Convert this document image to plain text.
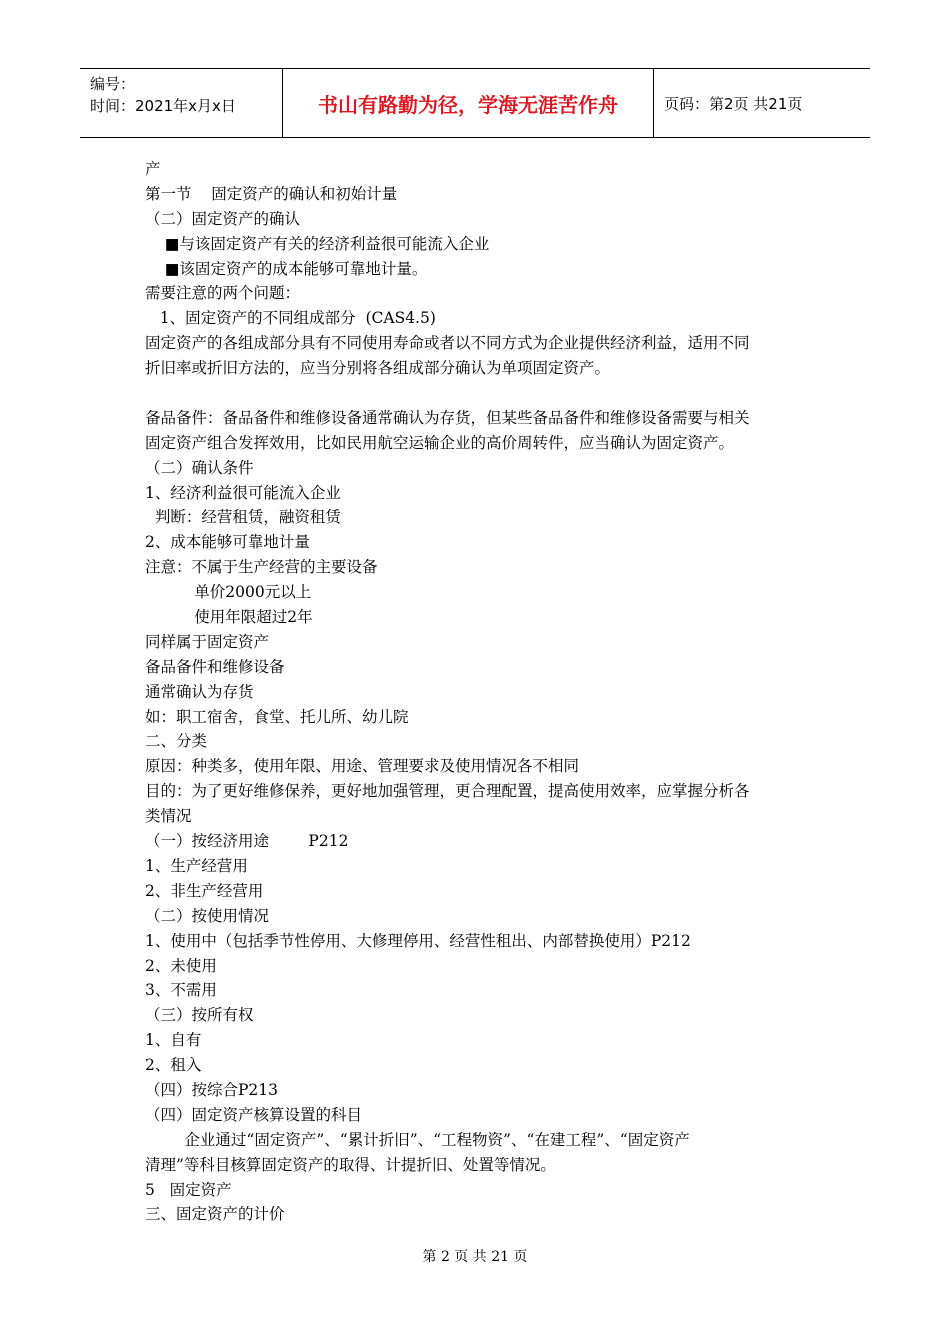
编号：
时间：2021年x月x日	书山有路勤为径，学海无涯苦作舟	页码：第2页 共21页
产
第一节    固定资产的确认和初始计量
（二）固定资产的确认
■与该固定资产有关的经济利益很可能流入企业
■该固定资产的成本能够可靠地计量。
需要注意的两个问题：
1、固定资产的不同组成部分  (CAS4.5)
固定资产的各组成部分具有不同使用寿命或者以不同方式为企业提供经济利益，适用不同
折旧率或折旧方法的，应当分别将各组成部分确认为单项固定资产。
备品备件：备品备件和维修设备通常确认为存货，但某些备品备件和维修设备需要与相关
固定资产组合发挥效用，比如民用航空运输企业的高价周转件，应当确认为固定资产。
（二）确认条件
1、经济利益很可能流入企业
判断：经营租赁，融资租赁
2、成本能够可靠地计量
注意：不属于生产经营的主要设备
单价2000元以上
使用年限超过2年
同样属于固定资产
备品备件和维修设备
通常确认为存货
如：职工宿舍，食堂、托儿所、幼儿院
二、分类
原因：种类多，使用年限、用途、管理要求及使用情况各不相同
目的：为了更好维修保养，更好地加强管理，更合理配置，提高使用效率，应掌握分析各
类情况
（一）按经济用途        P212
1、生产经营用
2、非生产经营用
（二）按使用情况
1、使用中（包括季节性停用、大修理停用、经营性租出、内部替换使用）P212
2、未使用
3、不需用
（三）按所有权
1、自有
2、租入
（四）按综合P213
（四）固定资产核算设置的科目
企业通过“固定资产”、“累计折旧”、“工程物资”、“在建工程”、“固定资产
清理”等科目核算固定资产的取得、计提折旧、处置等情况。
5   固定资产
三、固定资产的计价
第 2 页 共 21 页
